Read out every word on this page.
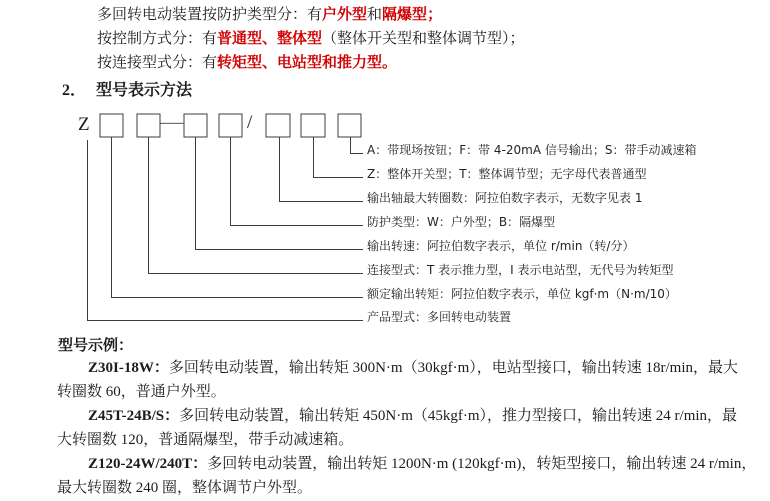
多回转电动装置按防护类型分：有户外型和隔爆型；
按控制方式分：有普通型、整体型（整体开关型和整体调节型）；
按连接型式分：有转矩型、电站型和推力型。
2． 型号表示方法
Z	—	/
A：带现场按钮；F：带 4-20mA 信号输出；S：带手动减速箱
Z：整体开关型；T：整体调节型；无字母代表普通型
输出轴最大转圈数：阿拉伯数字表示，无数字见表 1
防护类型：W：户外型；B：隔爆型
输出转速：阿拉伯数字表示，单位 r/min（转/分）
连接型式：T 表示推力型，I 表示电站型，无代号为转矩型
额定输出转矩：阿拉伯数字表示，单位 kgf·m（N·m/10）
产品型式：多回转电动装置
型号示例：
Z30I-18W：多回转电动装置，输出转矩 300N·m（30kgf·m），电站型接口，输出转速 18r/min，最大
转圈数 60，普通户外型。
Z45T-24B/S：多回转电动装置，输出转矩 450N·m（45kgf·m），推力型接口，输出转速 24 r/min，最
大转圈数 120，普通隔爆型，带手动减速箱。
Z120-24W/240T：多回转电动装置，输出转矩 1200N·m (120kgf·m)，转矩型接口，输出转速 24 r/min，
最大转圈数 240 圈，整体调节户外型。
